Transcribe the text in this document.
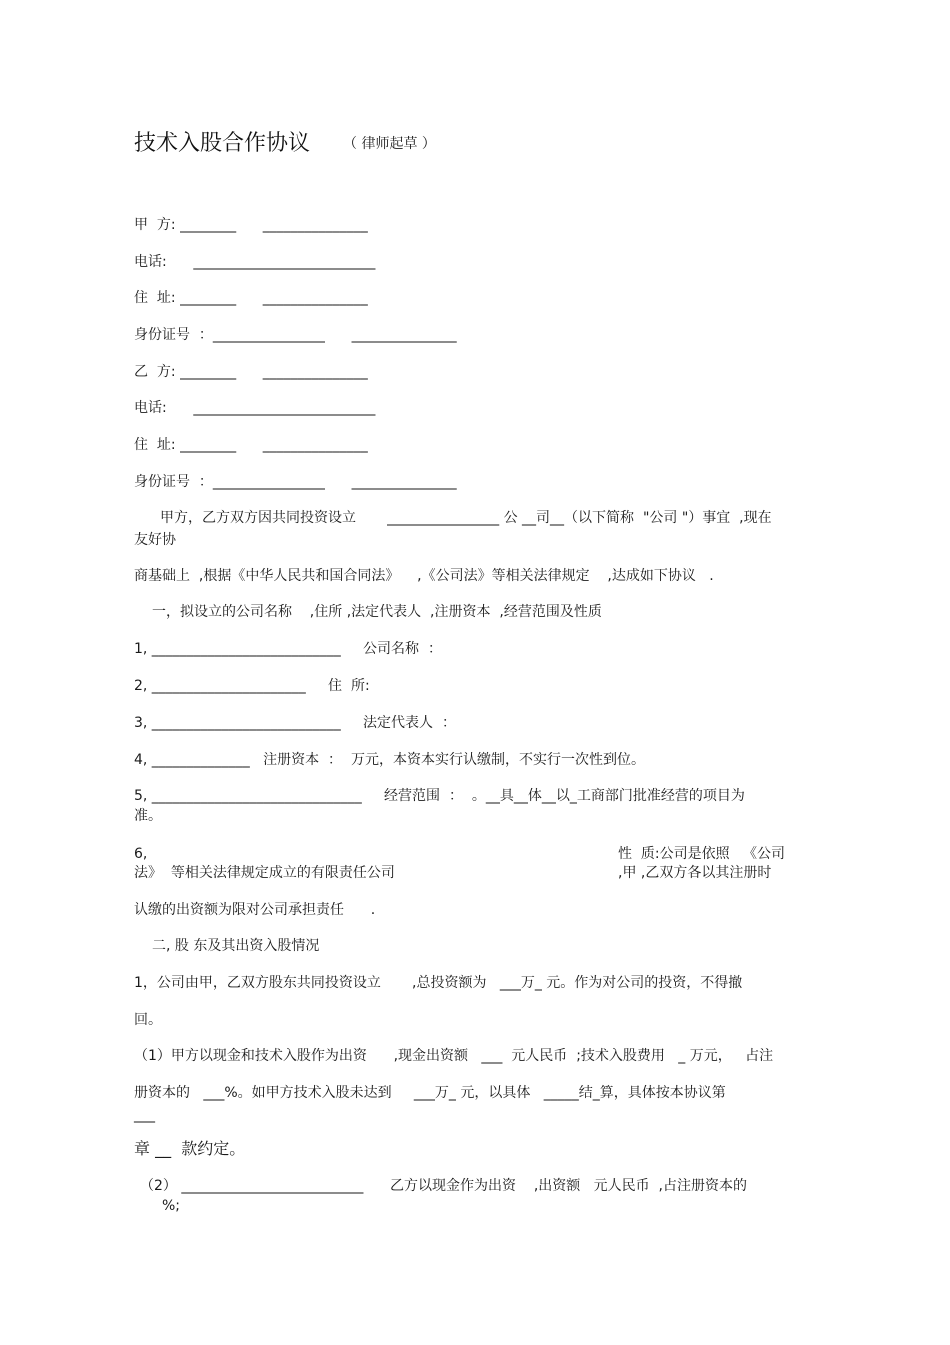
技术入股合作协议 （ 律师起草 ）
甲  方: ________      _______________
电话:      __________________________
住  址: ________      _______________
身份证号  ：________________      _______________
乙  方: ________      _______________
电话:      __________________________
住  址: ________      _______________
身份证号  ：________________      _______________
甲方，乙方双方因共同投资设立       ________________ 公 __司__（以下简称  "公司 "）事宜  ,现在
友好协
商基础上  ,根据《中华人民共和国合同法》    ,《公司法》等相关法律规定    ,达成如下协议   .
一，拟设立的公司名称    ,住所 ,法定代表人  ,注册资本  ,经营范围及性质
1, ___________________________     公司名称  ：
2, ______________________     住  所:
3, ___________________________     法定代表人  ：
4, ______________   注册资本  ：  万元，本资本实行认缴制，不实行一次性到位。
5, ______________________________     经营范围  ：  。__具__体__以_工商部门批准经营的项目为
准。
6,	性  质:公司是依照   《公司
法》  等相关法律规定成立的有限责任公司	,甲 ,乙双方各以其注册时
认缴的出资额为限对公司承担责任      .
二, 股 东及其出资入股情况
1，公司由甲，乙双方股东共同投资设立       ,总投资额为   ___万_ 元。作为对公司的投资，不得撤
回。
（1）甲方以现金和技术入股作为出资      ,现金出资额   ___  元人民币  ;技术入股费用   _ 万元，   占注
册资本的   ___%。如甲方技术入股未达到     ___万_ 元，以具体   _____结_算，具体按本协议第
___
章 __  款约定。
（2） __________________________      乙方以现金作为出资    ,出资额   元人民币  ,占注册资本的
%;
